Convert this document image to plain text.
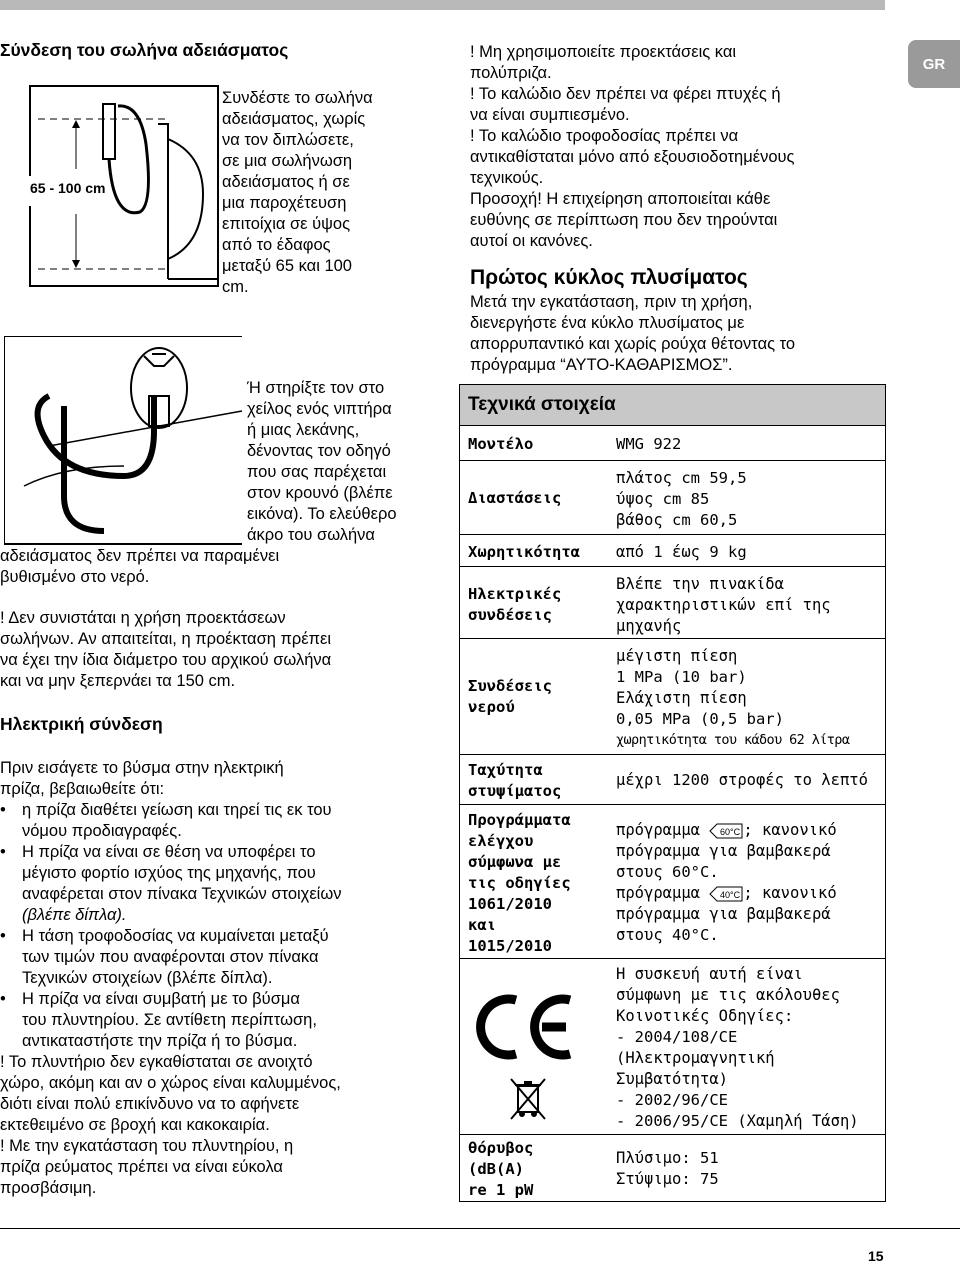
GR
Σύνδεση του σωλήνα αδειάσματος
65 - 100 cm
Συνδέστε το σωλήνα
αδειάσματος, χωρίς
να τον διπλώσετε,
σε μια σωλήνωση
αδειάσματος ή σε
μια παροχέτευση
επιτοίχια σε ύψος
από το έδαφος
μεταξύ 65 και 100
cm.
Ή στηρίξτε τον στο
χείλος ενός νιπτήρα
ή μιας λεκάνης,
δένοντας τον οδηγό
που σας παρέχεται
στον κρουνό (βλέπε
εικόνα). Το ελεύθερο
άκρο του σωλήνα
αδειάσματος δεν πρέπει να παραμένει
βυθισμένο στο νερό.
! Δεν συνιστάται η χρήση προεκτάσεων
σωλήνων. Αν απαιτείται, η προέκταση πρέπει
να έχει την ίδια διάμετρο του αρχικού σωλήνα
και να μην ξεπερνάει τα 150 cm.
Ηλεκτρική σύνδεση
Πριν εισάγετε το βύσμα στην ηλεκτρική
πρίζα, βεβαιωθείτε ότι:
• η πρίζα διαθέτει γείωση και τηρεί τις εκ του
νόμου προδιαγραφές.
• Η πρίζα να είναι σε θέση να υποφέρει το
μέγιστο φορτίο ισχύος της μηχανής, που
αναφέρεται στον πίνακα Τεχνικών στοιχείων
(βλέπε δίπλα).
• Η τάση τροφοδοσίας να κυμαίνεται μεταξύ
των τιμών που αναφέρονται στον πίνακα
Τεχνικών στοιχείων (βλέπε δίπλα).
• Η πρίζα να είναι συμβατή με το βύσμα
του πλυντηρίου. Σε αντίθετη περίπτωση,
αντικαταστήστε την πρίζα ή το βύσμα.
! Το πλυντήριο δεν εγκαθίσταται σε ανοιχτό
χώρο, ακόμη και αν ο χώρος είναι καλυμμένος,
διότι είναι πολύ επικίνδυνο να το αφήνετε
εκτεθειμένο σε βροχή και κακοκαιρία.
! Με την εγκατάσταση του πλυντηρίου, η
πρίζα ρεύματος πρέπει να είναι εύκολα
προσβάσιμη.
! Μη χρησιμοποιείτε προεκτάσεις και
πολύπριζα.
! Το καλώδιο δεν πρέπει να φέρει πτυχές ή
να είναι συμπιεσμένο.
! Το καλώδιο τροφοδοσίας πρέπει να
αντικαθίσταται μόνο από εξουσιοδοτημένους
τεχνικούς.
Προσοχή! Η επιχείρηση αποποιείται κάθε
ευθύνης σε περίπτωση που δεν τηρούνται
αυτοί οι κανόνες.
Πρώτος κύκλος πλυσίματος
Μετά την εγκατάσταση, πριν τη χρήση,
διενεργήστε ένα κύκλο πλυσίματος με
απορρυπαντικό και χωρίς ρούχα θέτοντας το
πρόγραμμα “ΑΥΤΟ-ΚΑΘΑΡΙΣΜΟΣ”.
Τεχνικά στοιχεία
Μοντέλο	WMG 922
Διαστάσεις
πλάτος cm 59,5
ύψος cm 85
βάθος cm 60,5
Χωρητικότητα από 1 έως 9 kg
Ηλεκτρικές
συνδέσεις
Βλέπε την πινακίδα
χαρακτηριστικών επί της
μηχανής
Συνδέσεις
νερού
μέγιστη πίεση
1 MPa (10 bar)
Ελάχιστη πίεση
0,05 MPa (0,5 bar)
χωρητικότητα του κάδου 62 λίτρα
Ταχύτητα
στυψίματος
μέχρι 1200 στροφές το λεπτό
Προγράμματα
ελέγχου
σύμφωνα με
τις οδηγίες
1061/2010
και
1015/2010
πρόγραμμα 60°C ; κανονικό
πρόγραμμα για βαμβακερά
στους 60°C.
πρόγραμμα 40°C ; κανονικό
πρόγραμμα για βαμβακερά
στους 40°C.
Η συσκευή αυτή είναι
σύμφωνη με τις ακόλουθες
Κοινοτικές Οδηγίες:
- 2004/108/CE
(Ηλεκτρομαγνητική
Συμβατότητα)
- 2002/96/CE
- 2006/95/CE (Χαμηλή Τάση)
θόρυβος
(dB(A)
re 1 pW
Πλύσιμο: 51
Στύψιμο: 75
15
